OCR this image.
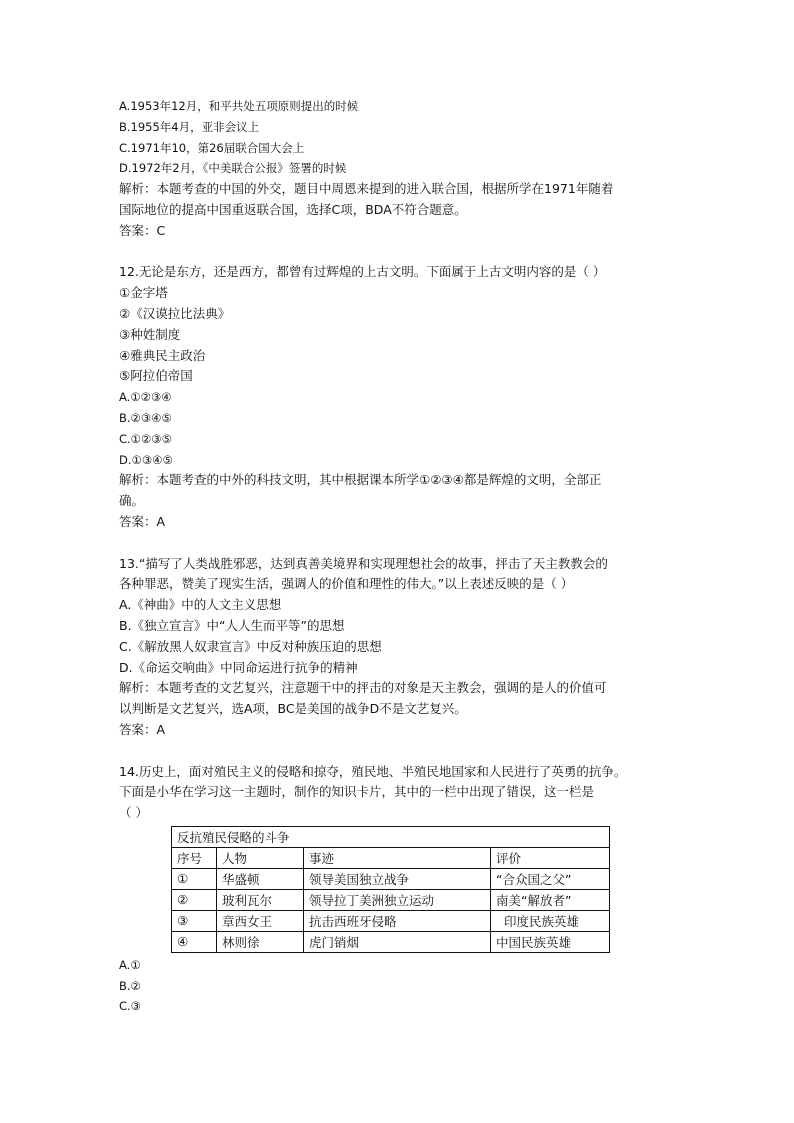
A.1953年12月，和平共处五项原则提出的时候
B.1955年4月，亚非会议上
C.1971年10，第26届联合国大会上
D.1972年2月，《中美联合公报》签署的时候
解析：本题考查的中国的外交，题目中周恩来提到的进入联合国，根据所学在1971年随着
国际地位的提高中国重返联合国，选择C项，BDA不符合题意。
答案：C
12.无论是东方，还是西方，都曾有过辉煌的上古文明。下面属于上古文明内容的是（ ）
①金字塔
②《汉谟拉比法典》
③种姓制度
④雅典民主政治
⑤阿拉伯帝国
A.①②③④
B.②③④⑤
C.①②③⑤
D.①③④⑤
解析：本题考查的中外的科技文明，其中根据课本所学①②③④都是辉煌的文明，全部正
确。
答案：A
13.“描写了人类战胜邪恶，达到真善美境界和实现理想社会的故事，抨击了天主教教会的
各种罪恶，赞美了现实生活，强调人的价值和理性的伟大。”以上表述反映的是（ ）
A.《神曲》中的人文主义思想
B.《独立宣言》中“人人生而平等”的思想
C.《解放黑人奴隶宣言》中反对种族压迫的思想
D.《命运交响曲》中同命运进行抗争的精神
解析：本题考查的文艺复兴，注意题干中的抨击的对象是天主教会，强调的是人的价值可
以判断是文艺复兴，选A项，BC是美国的战争D不是文艺复兴。
答案：A
14.历史上，面对殖民主义的侵略和掠夺，殖民地、半殖民地国家和人民进行了英勇的抗争。
下面是小华在学习这一主题时，制作的知识卡片，其中的一栏中出现了错误，这一栏是
（ ）
反抗殖民侵略的斗争			
序号	人物	事迹	评价
①	华盛顿	领导美国独立战争	“合众国之父”
②	玻利瓦尔	领导拉丁美洲独立运动	南美“解放者”
③	章西女王	抗击西班牙侵略	印度民族英雄
④	林则徐	虎门销烟	中国民族英雄
A.①
B.②
C.③
